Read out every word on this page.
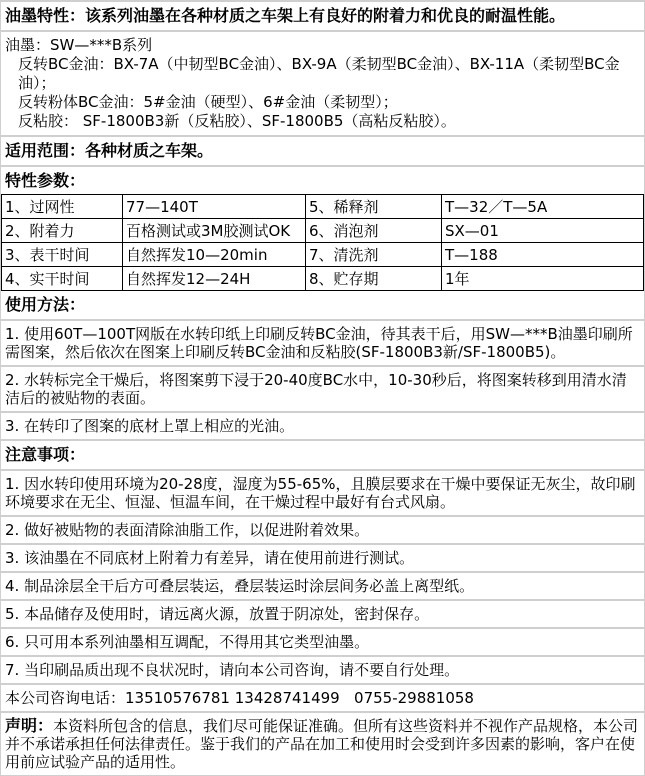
油墨特性：该系列油墨在各种材质之车架上有良好的附着力和优良的耐温性能。
油墨：SW—***B系列
反转BC金油：BX-7A（中韧型BC金油）、BX-9A（柔韧型BC金油）、BX-11A（柔韧型BC金油）；
反转粉体BC金油：5#金油（硬型）、6#金油（柔韧型）；
反粘胶： SF-1800B3新（反粘胶）、SF-1800B5（高粘反粘胶）。
适用范围：各种材质之车架。
特性参数：
1、过网性	77—140T	5、稀释剂	T—32／T—5A
2、附着力	百格测试或3M胶测试OK	6、消泡剂	SX—01
3、表干时间	自然挥发10—20min	7、清洗剂	T—188
4、实干时间	自然挥发12—24H	8、贮存期	1年
使用方法：
1. 使用60T—100T网版在水转印纸上印刷反转BC金油，待其表干后，用SW—***B油墨印刷所需图案，然后依次在图案上印刷反转BC金油和反粘胶(SF-1800B3新/SF-1800B5)。
2. 水转标完全干燥后，将图案剪下浸于20-40度BC水中，10-30秒后，将图案转移到用清水清洁后的被贴物的表面。
3. 在转印了图案的底材上罩上相应的光油。
注意事项：
1. 因水转印使用环境为20-28度，湿度为55-65%，且膜层要求在干燥中要保证无灰尘，故印刷环境要求在无尘、恒湿、恒温车间，在干燥过程中最好有台式风扇。
2. 做好被贴物的表面清除油脂工作，以促进附着效果。
3. 该油墨在不同底材上附着力有差异，请在使用前进行测试。
4. 制品涂层全干后方可叠层装运，叠层装运时涂层间务必盖上离型纸。
5. 本品储存及使用时，请远离火源，放置于阴凉处，密封保存。
6. 只可用本系列油墨相互调配，不得用其它类型油墨。
7. 当印刷品质出现不良状况时，请向本公司咨询，请不要自行处理。
本公司咨询电话：13510576781 13428741499   0755-29881058
声明：本资料所包含的信息，我们尽可能保证准确。但所有这些资料并不视作产品规格，本公司并不承诺承担任何法律责任。鉴于我们的产品在加工和使用时会受到许多因素的影响，客户在使用前应试验产品的适用性。
